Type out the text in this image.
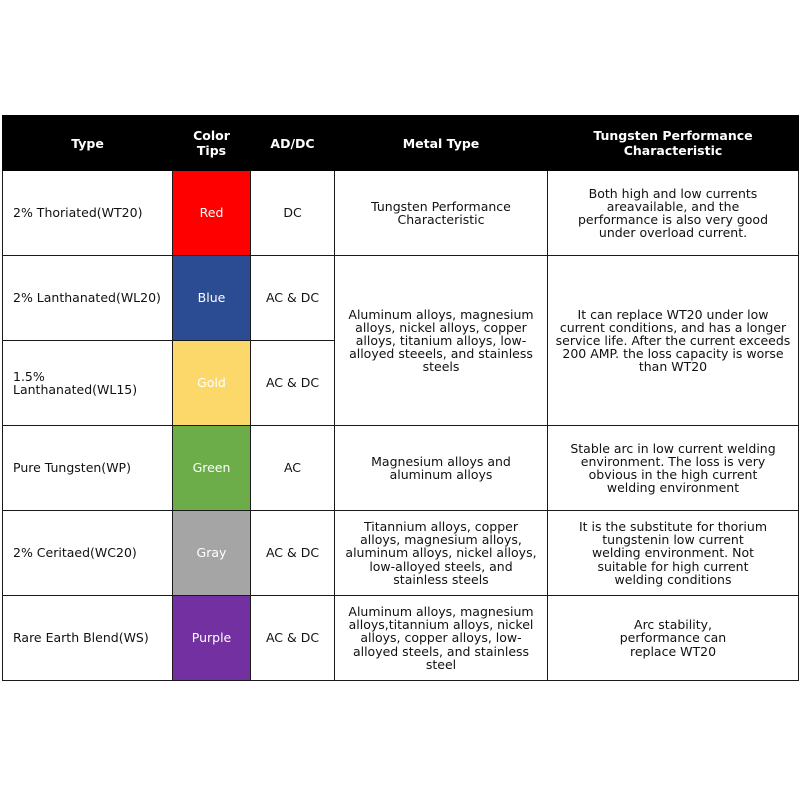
Type	Color Tips	AD/DC	Metal Type	Tungsten Performance Characteristic
2% Thoriated(WT20)	Red	DC	Tungsten Performance Characteristic	Both high and low currents areavailable, and the performance is also very good under overload current.
2% Lanthanated(WL20)	Blue	AC & DC	Aluminum alloys, magnesium alloys, nickel alloys, copper alloys, titanium alloys, low-alloyed steeels, and stainless steels	It can replace WT20 under low current conditions, and has a longer service life. After the current exceeds 200 AMP. the loss capacity is worse than WT20
1.5% Lanthanated(WL15)	Gold	AC & DC		
Pure Tungsten(WP)	Green	AC	Magnesium alloys and aluminum alloys	Stable arc in low current welding environment. The loss is very obvious in the high current welding environment
2% Ceritaed(WC20)	Gray	AC & DC	Titannium alloys, copper alloys, magnesium alloys, aluminum alloys, nickel alloys, low-alloyed steels, and stainless steels	It is the substitute for thorium tungstenin low current welding environment. Not suitable for high current welding conditions
Rare Earth Blend(WS)	Purple	AC & DC	Aluminum alloys, magnesium alloys,titannium alloys, nickel alloys, copper alloys, low-alloyed steels, and stainless steel	Arc stability, performance can replace WT20
